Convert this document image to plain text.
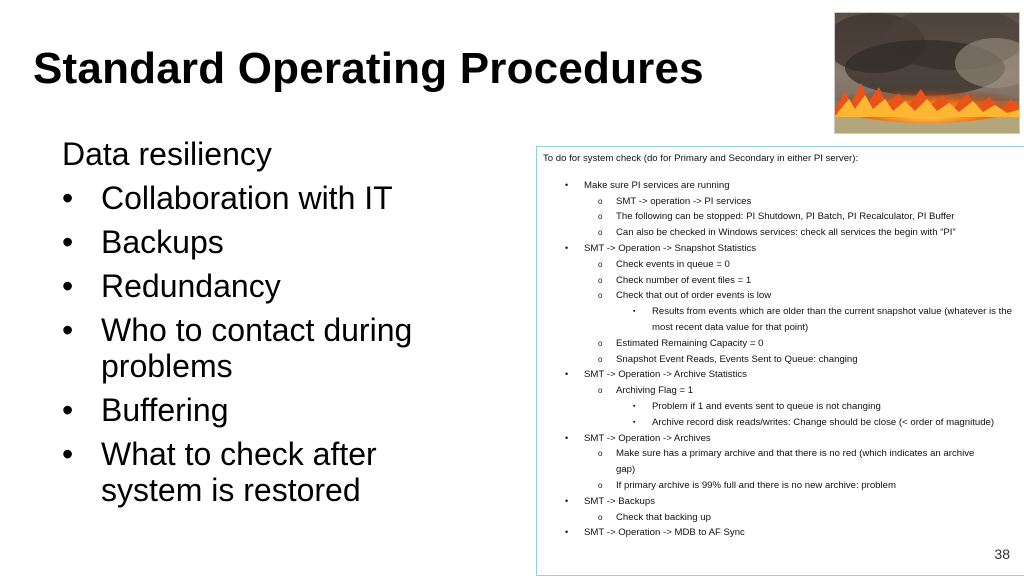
Standard Operating Procedures
Data resiliency
• Collaboration with IT
• Backups
• Redundancy
• Who to contact during problems
• Buffering
• What to check after system is restored
To do for system check (do for Primary and Secondary in either PI server):
• Make sure PI services are running
o SMT -> operation -> PI services
o The following can be stopped: PI Shutdown, PI Batch, PI Recalculator, PI Buffer
o Can also be checked in Windows services: check all services the begin with “PI”
• SMT -> Operation -> Snapshot Statistics
o Check events in queue = 0
o Check number of event files = 1
o Check that out of order events is low
▪ Results from events which are older than the current snapshot value (whatever is the most recent data value for that point)
o Estimated Remaining Capacity = 0
o Snapshot Event Reads, Events Sent to Queue: changing
• SMT -> Operation -> Archive Statistics
o Archiving Flag = 1
▪ Problem if 1 and events sent to queue is not changing
▪ Archive record disk reads/writes: Change should be close (< order of magnitude)
• SMT -> Operation -> Archives
o Make sure has a primary archive and that there is no red (which indicates an archive gap)
o If primary archive is 99% full and there is no new archive: problem
• SMT -> Backups
o Check that backing up
• SMT -> Operation -> MDB to AF Sync
38
